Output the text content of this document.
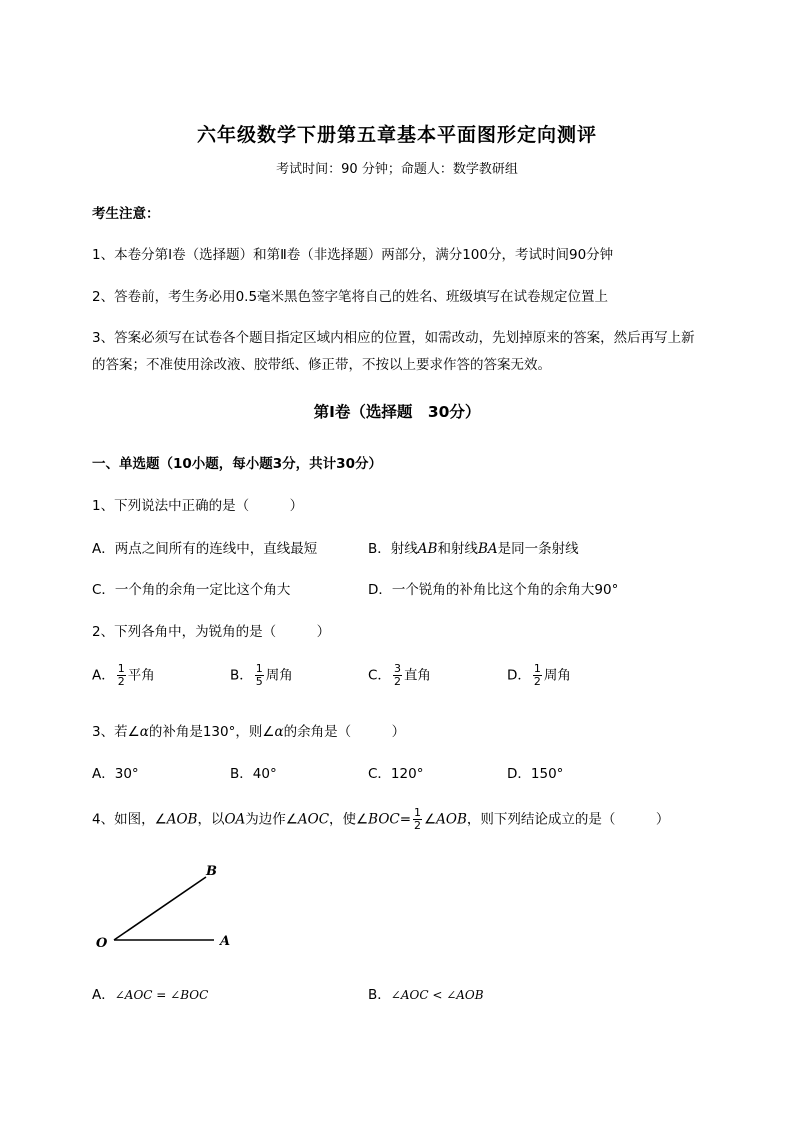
六年级数学下册第五章基本平面图形定向测评
考试时间：90 分钟；命题人：数学教研组
考生注意：
1、本卷分第Ⅰ卷（选择题）和第Ⅱ卷（非选择题）两部分，满分100分，考试时间90分钟
2、答卷前，考生务必用0.5毫米黑色签字笔将自己的姓名、班级填写在试卷规定位置上
3、答案必须写在试卷各个题目指定区域内相应的位置，如需改动，先划掉原来的答案，然后再写上新
的答案；不准使用涂改液、胶带纸、修正带，不按以上要求作答的答案无效。
第Ⅰ卷（选择题　30分）
一、单选题（10小题，每小题3分，共计30分）
1、下列说法中正确的是（　　　）
A．两点之间所有的连线中，直线最短	B．射线AB和射线BA是同一条射线
C．一个角的余角一定比这个角大	D．一个锐角的补角比这个角的余角大90°
2、下列各角中，为锐角的是（　　　）
A． $\frac{1}{2}$ 平角	B． $\frac{1}{5}$ 周角	C． $\frac{3}{2}$ 直角	D． $\frac{1}{2}$ 周角
3、若∠α的补角是130°，则∠α的余角是（　　　）
A．30°	B．40°	C．120°	D．150°
4、如图，∠AOB，以OA为边作∠AOC，使∠BOC= $\frac{1}{2}$ ∠AOB，则下列结论成立的是（　　　）
B
O	A
A．∠AOC = ∠BOC	B．∠AOC < ∠AOB
